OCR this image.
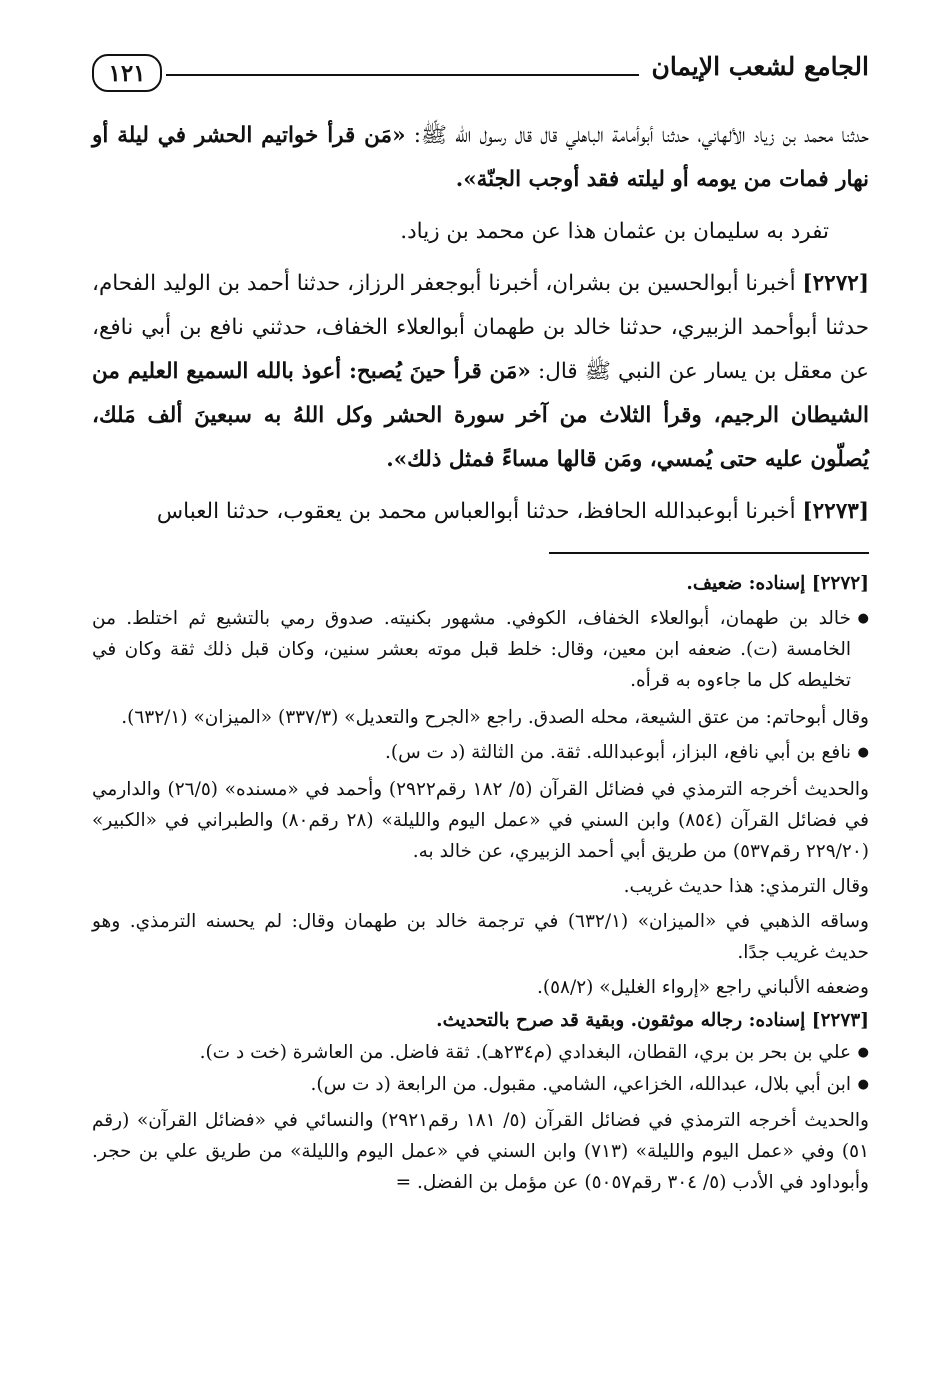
الجامع لشعب الإيمان
١٢١

حدثنا محمد بن زياد الألهاني، حدثنا أبوأمامة الباهلي قال قال رسول الله ﷺ: «مَن قرأ خواتيم الحشر في ليلة أو نهار فمات من يومه أو ليلته فقد أوجب الجنّة».

تفرد به سليمان بن عثمان هذا عن محمد بن زياد.

[٢٢٧٢] أخبرنا أبوالحسين بن بشران، أخبرنا أبوجعفر الرزاز، حدثنا أحمد بن الوليد الفحام، حدثنا أبوأحمد الزبيري، حدثنا خالد بن طهمان أبوالعلاء الخفاف، حدثني نافع بن أبي نافع، عن معقل بن يسار عن النبي ﷺ قال: «مَن قرأ حينَ يُصبح: أعوذ بالله السميع العليم من الشيطان الرجيم، وقرأ الثلاث من آخر سورة الحشر وكل اللهُ به سبعينَ ألف مَلك، يُصلّون عليه حتى يُمسي، ومَن قالها مساءً فمثل ذلك».

[٢٢٧٣] أخبرنا أبوعبدالله الحافظ، حدثنا أبوالعباس محمد بن يعقوب، حدثنا العباس

[٢٢٧٢] إسناده: ضعيف.

● خالد بن طهمان، أبوالعلاء الخفاف، الكوفي. مشهور بكنيته. صدوق رمي بالتشيع ثم اختلط. من الخامسة (ت). ضعفه ابن معين، وقال: خلط قبل موته بعشر سنين، وكان قبل ذلك ثقة وكان في تخليطه كل ما جاءوه به قرأه.

وقال أبوحاتم: من عتق الشيعة، محله الصدق. راجع «الجرح والتعديل» (٣٣٧/٣) «الميزان» (٦٣٢/١).

● نافع بن أبي نافع، البزاز، أبوعبدالله. ثقة. من الثالثة (د ت س).

والحديث أخرجه الترمذي في فضائل القرآن (٥/ ١٨٢ رقم٢٩٢٢) وأحمد في «مسنده» (٢٦/٥) والدارمي في فضائل القرآن (٨٥٤) وابن السني في «عمل اليوم والليلة» (٢٨ رقم٨٠) والطبراني في «الكبير» (٢٢٩/٢٠ رقم٥٣٧) من طريق أبي أحمد الزبيري، عن خالد به.

وقال الترمذي: هذا حديث غريب.

وساقه الذهبي في «الميزان» (٦٣٢/١) في ترجمة خالد بن طهمان وقال: لم يحسنه الترمذي. وهو حديث غريب جدًا.

وضعفه الألباني راجع «إرواء الغليل» (٥٨/٢).

[٢٢٧٣] إسناده: رجاله موثقون. وبقية قد صرح بالتحديث.

● علي بن بحر بن بري، القطان، البغدادي (م٢٣٤هـ). ثقة فاضل. من العاشرة (خت د ت).
● ابن أبي بلال، عبدالله، الخزاعي، الشامي. مقبول. من الرابعة (د ت س).

والحديث أخرجه الترمذي في فضائل القرآن (٥/ ١٨١ رقم٢٩٢١) والنسائي في «فضائل القرآن» (رقم ٥١) وفي «عمل اليوم والليلة» (٧١٣) وابن السني في «عمل اليوم والليلة» من طريق علي بن حجر. وأبوداود في الأدب (٥/ ٣٠٤ رقم٥٠٥٧) عن مؤمل بن الفضل. =
